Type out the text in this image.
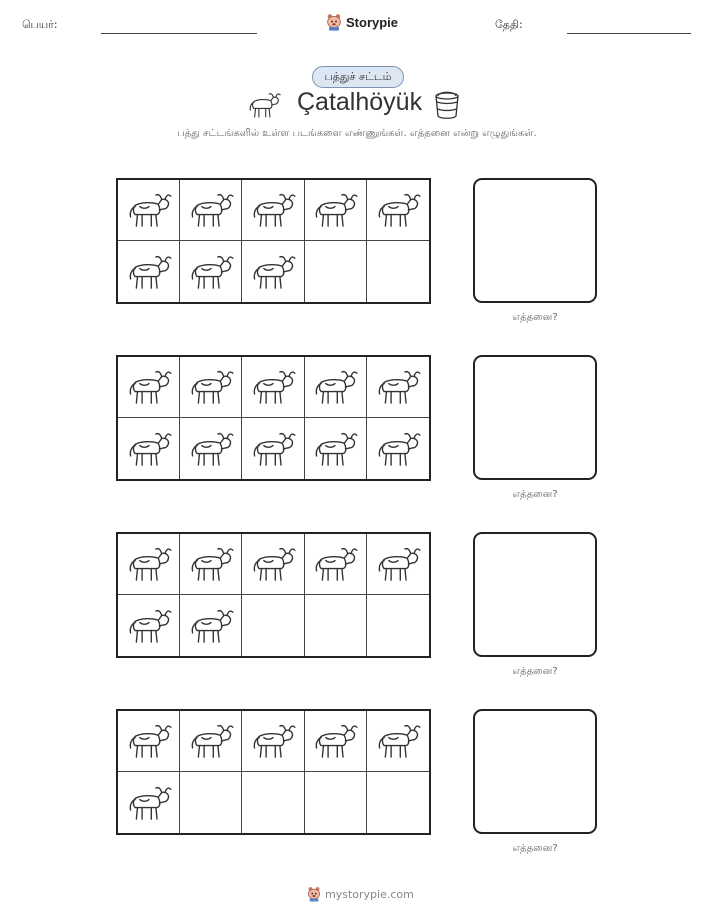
பெயர்:	Storypie	தேதி:
பத்துச் சட்டம்
Çatalhöyük
பத்து சட்டங்களில் உள்ள படங்களை எண்ணுங்கள். எத்தனை என்று எழுதுங்கள்.
எத்தனை?
எத்தனை?
எத்தனை?
எத்தனை?
mystorypie.com
